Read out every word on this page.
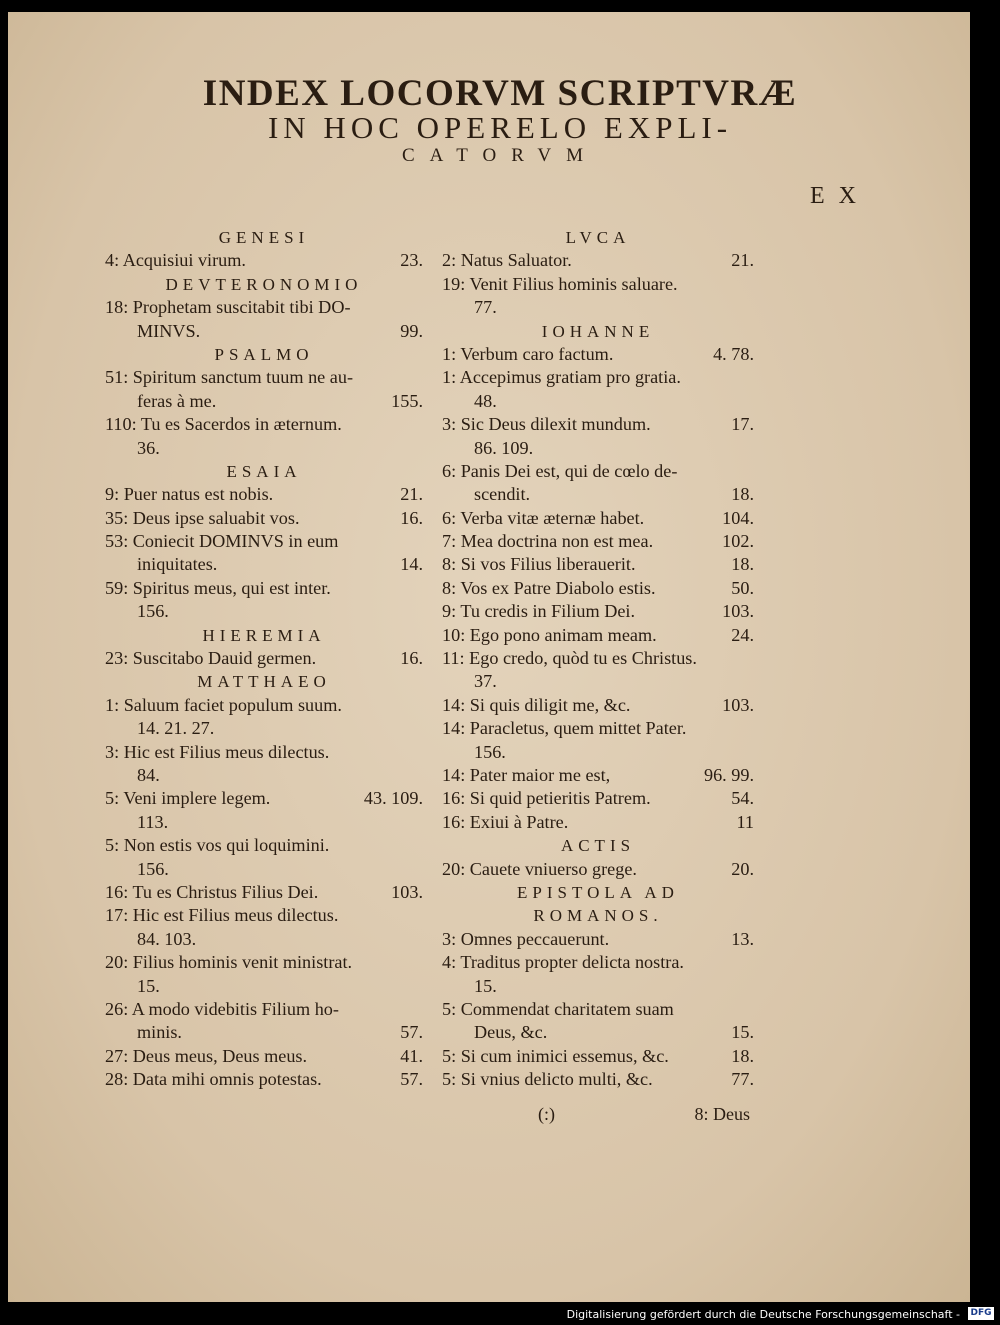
INDEX LOCORVM SCRIPTVRÆ
IN HOC OPERELO EXPLI-
CATORVM
EX
GENESI
4: Acquisiui virum.	23.
DEVTERONOMIO
18: Prophetam suscitabit tibi DO-
MINVS.	99.
PSALMO
51: Spiritum sanctum tuum ne au-
feras à me.	155.
110: Tu es Sacerdos in æternum.
36.
ESAIA
9: Puer natus est nobis.	21.
35: Deus ipse saluabit vos.	16.
53: Coniecit DOMINVS in eum
iniquitates.	14.
59: Spiritus meus, qui est inter.
156.
HIEREMIA
23: Suscitabo Dauid germen.	16.
MATTHAEO
1: Saluum faciet populum suum.
14. 21. 27.
3: Hic est Filius meus dilectus.
84.
5: Veni implere legem.	43. 109.
113.
5: Non estis vos qui loquimini.
156.
16: Tu es Christus Filius Dei.	103.
17: Hic est Filius meus dilectus.
84. 103.
20: Filius hominis venit ministrat.
15.
26: A modo videbitis Filium ho-
minis.	57.
27: Deus meus, Deus meus.	41.
28: Data mihi omnis potestas.	57.
LVCA
2: Natus Saluator.	21.
19: Venit Filius hominis saluare.
77.
IOHANNE
1: Verbum caro factum.	4. 78.
1: Accepimus gratiam pro gratia.
48.
3: Sic Deus dilexit mundum.	17.
86. 109.
6: Panis Dei est, qui de cœlo de-
scendit.	18.
6: Verba vitæ æternæ habet.	104.
7: Mea doctrina non est mea.	102.
8: Si vos Filius liberauerit.	18.
8: Vos ex Patre Diabolo estis.	50.
9: Tu credis in Filium Dei.	103.
10: Ego pono animam meam.	24.
11: Ego credo, quòd tu es Christus.
37.
14: Si quis diligit me, &c.	103.
14: Paracletus, quem mittet Pater.
156.
14: Pater maior me est,	96. 99.
16: Si quid petieritis Patrem.	54.
16: Exiui à Patre.	11
ACTIS
20: Cauete vniuerso grege.	20.
EPISTOLA AD
ROMANOS.
3: Omnes peccauerunt.	13.
4: Traditus propter delicta nostra.
15.
5: Commendat charitatem suam
Deus, &c.	15.
5: Si cum inimici essemus, &c.	18.
5: Si vnius delicto multi, &c.	77.
(:)	8: Deus
Digitalisierung gefördert durch die Deutsche Forschungsgemeinschaft - DFG
